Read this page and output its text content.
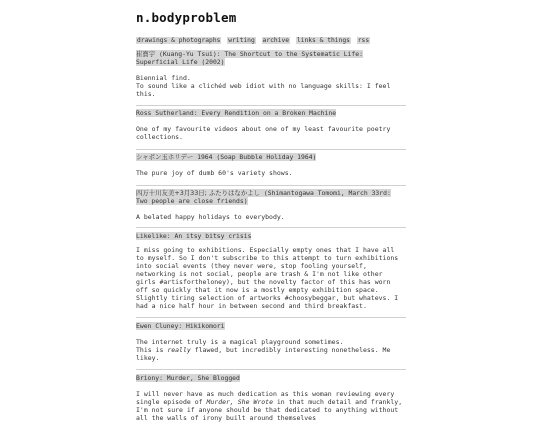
n.bodyproblem
drawings & photographs writing archive links & things rss
崔寶宇 (Kuang-Yu Tsui): The Shortcut to the Systematic Life: Superficial Life (2002)

Biennial find.
To sound like a clichéd web idiot with no language skills: I feel this.

Ross Sutherland: Every Rendition on a Broken Machine

One of my favourite videos about one of my least favourite poetry collections.

シャボン玉ホリデー 1964 (Soap Bubble Holiday 1964)

The pure joy of dumb 60's variety shows.

四万十川友美+3月33日; ふたりはなかよし (Shimantogawa Tomomi, March 33rd: Two people are close friends)

A belated happy holidays to everybody.

Likelike: An itsy bitsy crisis

I miss going to exhibitions. Especially empty ones that I have all to myself. So I don't subscribe to this attempt to turn exhibitions into social events (they never were, stop fooling yourself, networking is not social, people are trash & I'm not like other girls #artisfortheloney), but the novelty factor of this has worn off so quickly that it now is a mostly empty exhibition space. Slightly tiring selection of artworks #choosybeggar, but whatevs. I had a nice half hour in between second and third breakfast.

Ewen Cluney: Hikikomori

The internet truly is a magical playground sometimes.
This is really flawed, but incredibly interesting nonetheless. Me likey.

Briony: Murder, She Blogged

I will never have as much dedication as this woman reviewing every single episode of Murder, She Wrote in that much detail and frankly, I'm not sure if anyone should be that dedicated to anything without all the walls of irony built around themselves
